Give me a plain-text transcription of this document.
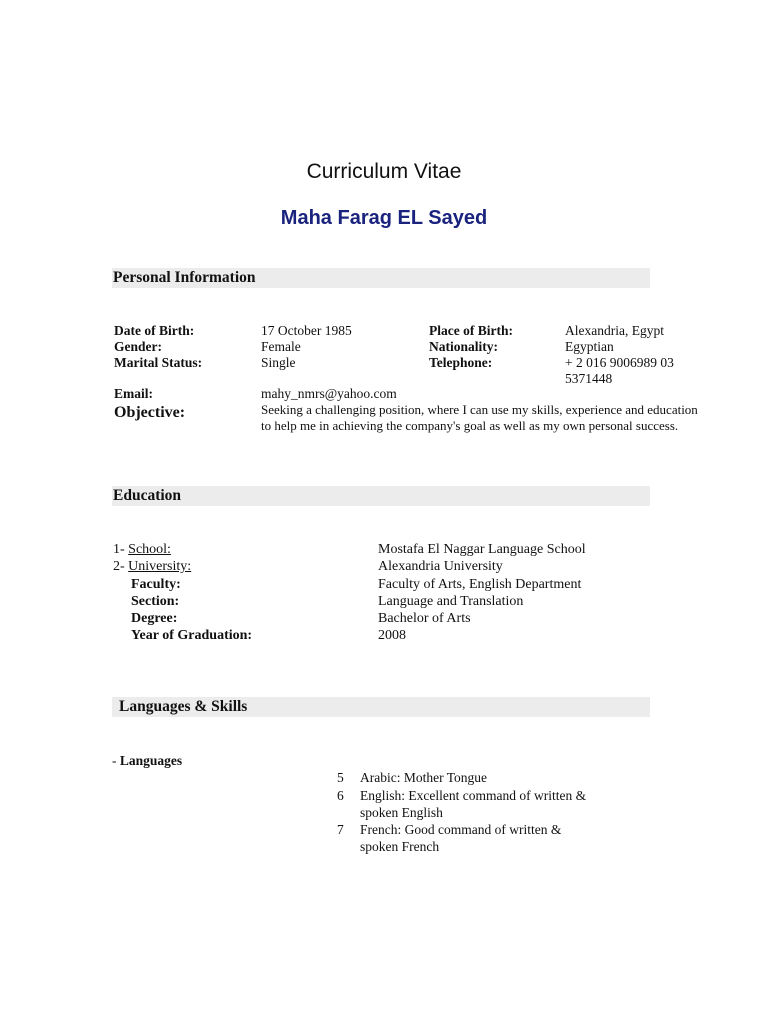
Curriculum Vitae
Maha Farag EL Sayed
Personal Information
Date of Birth:	17 October 1985	Place of Birth:	Alexandria, Egypt
Gender:	Female	Nationality:	Egyptian
Marital Status:	Single	Telephone:	+ 2 016 9006989 03
5371448
Email:	mahy_nmrs@yahoo.com
Objective:	Seeking a challenging position, where I can use my skills, experience and education
to help me in achieving the company's goal as well as my own personal success.
Education
1- School:	Mostafa El Naggar Language School
2- University:	Alexandria University
Faculty:	Faculty of Arts, English Department
Section:	Language and Translation
Degree:	Bachelor of Arts
Year of Graduation:	2008
Languages & Skills
- Languages
5 Arabic: Mother Tongue
6 English: Excellent command of written &
spoken English
7 French: Good command of written &
spoken French
